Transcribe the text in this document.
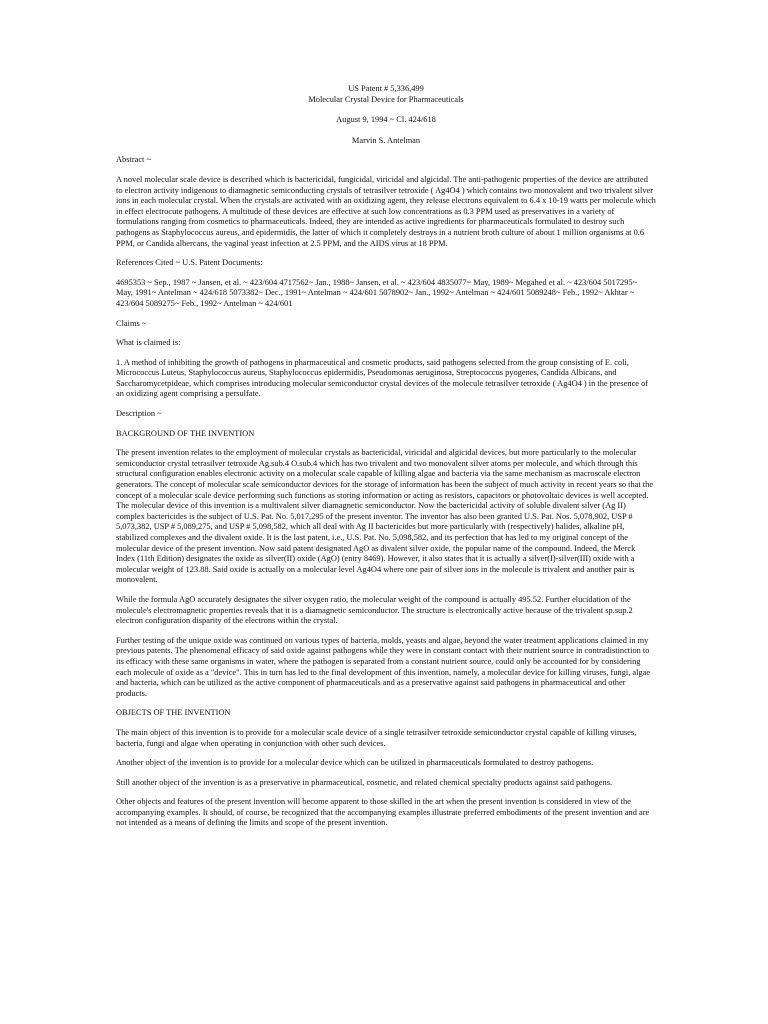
US Patent # 5,336,499
Molecular Crystal Device for Pharmaceuticals
August 9, 1994 ~ Cl. 424/618
Marvin S. Antelman

Abstract ~

A novel molecular scale device is described which is bactericidal, fungicidal, viricidal and algicidal. The anti-pathogenic properties of the device are attributed to electron activity indigenous to diamagnetic semiconducting crystals of tetrasilver tetroxide ( Ag4O4 ) which contains two monovalent and two trivalent silver ions in each molecular crystal. When the crystals are activated with an oxidizing agent, they release electrons equivalent to 6.4 x 10-19 watts per molecule which in effect electrocute pathogens. A multitude of these devices are effective at such low concentrations as 0.3 PPM used as preservatives in a variety of formulations ranging from cosmetics to pharmaceuticals. Indeed, they are intended as active ingredients for pharmaceuticals formulated to destroy such pathogens as Staphylococcus aureus, and epidermidis, the latter of which it completely destroys in a nutrient broth culture of about 1 million organisms at 0.6 PPM, or Candida albercans, the vaginal yeast infection at 2.5 PPM, and the AIDS virus at 18 PPM.

References Cited ~ U.S. Patent Documents:

4695353 ~ Sep., 1987 ~ Jansen, et al. ~ 423/604 4717562~ Jan., 1988~ Jansen, et al. ~ 423/604 4835077~ May, 1989~ Megahed et al. ~ 423/604 5017295~ May, 1991~ Antelman ~ 424/618 5073382~ Dec., 1991~ Antelman ~ 424/601 5078902~ Jan., 1992~ Antelman ~ 424/601 5089248~ Feb., 1992~ Akhtar ~ 423/604 5089275~ Feb., 1992~ Antelman ~ 424/601

Claims ~

What is claimed is:

1. A method of inhibiting the growth of pathogens in pharmaceutical and cosmetic products, said pathogens selected from the group consisting of E. coli, Micrococcus Luteus, Staphylococcus aureus, Staphylococcus epidermidis, Pseudomonas aeruginosa, Streptococcus pyogenes, Candida Albicans, and Saccharomycetpideae, which comprises introducing molecular semiconductor crystal devices of the molecule tetrasilver tetroxide ( Ag4O4 ) in the presence of an oxidizing agent comprising a persulfate.

Description ~

BACKGROUND OF THE INVENTION

The present invention relates to the employment of molecular crystals as bactericidal, viricidal and algicidal devices, but more particularly to the molecular semiconductor crystal tetrasilver tetroxide Ag.sub.4 O.sub.4 which has two trivalent and two monovalent silver atoms per molecule, and which through this structural configuration enables electronic activity on a molecular scale capable of killing algae and bacteria via the same mechanism as macroscale electron generators. The concept of molecular scale semiconductor devices for the storage of information has been the subject of much activity in recent years so that the concept of a molecular scale device performing such functions as storing information or acting as resistors, capacitors or photovoltaic devices is well accepted. The molecular device of this invention is a multivalent silver diamagnetic semiconductor. Now the bactericidal activity of soluble divalent silver (Ag II) complex bactericides is the subject of U.S. Pat. No. 5,017,295 of the present inventor. The inventor has also been granted U.S. Pat. Nos. 5,078,902, USP # 5,073,382, USP # 5,089,275, and USP # 5,098,582, which all deal with Ag II bactericides but more particularly with (respectively) halides, alkaline pH, stabilized complexes and the divalent oxide. It is the last patent, i.e., U.S. Pat. No. 5,098,582, and its perfection that has led to my original concept of the molecular device of the present invention. Now said patent designated AgO as divalent silver oxide, the popular name of the compound. Indeed, the Merck Index (11th Edition) designates the oxide as silver(II) oxide (AgO) (entry 8469). However, it also states that it is actually a silver(I)-silver(III) oxide with a molecular weight of 123.88. Said oxide is actually on a molecular level Ag4O4 where one pair of silver ions in the molecule is trivalent and another pair is monovalent.

While the formula AgO accurately designates the silver oxygen ratio, the molecular weight of the compound is actually 495.52. Further elucidation of the molecule's electromagnetic properties reveals that it is a diamagnetic semiconductor. The structure is electronically active because of the trivalent sp.sup.2 electron configuration disparity of the electrons within the crystal.

Further testing of the unique oxide was continued on various types of bacteria, molds, yeasts and algae, beyond the water treatment applications claimed in my previous patents. The phenomenal efficacy of said oxide against pathogens while they were in constant contact with their nutrient source in contradistinction to its efficacy with these same organisms in water, where the pathogen is separated from a constant nutrient source, could only be accounted for by considering each molecule of oxide as a "device". This in turn has led to the final development of this invention, namely, a molecular device for killing viruses, fungi, algae and bacteria, which can be utilized as the active component of pharmaceuticals and as a preservative against said pathogens in pharmaceutical and other products.

OBJECTS OF THE INVENTION

The main object of this invention is to provide for a molecular scale device of a single tetrasilver tetroxide semiconductor crystal capable of killing viruses, bacteria, fungi and algae when operating in conjunction with other such devices.

Another object of the invention is to provide for a molecular device which can be utilized in pharmaceuticals formulated to destroy pathogens.

Still another object of the invention is as a preservative in pharmaceutical, cosmetic, and related chemical specialty products against said pathogens.

Other objects and features of the present invention will become apparent to those skilled in the art when the present invention is considered in view of the accompanying examples. It should, of course, be recognized that the accompanying examples illustrate preferred embodiments of the present invention and are not intended as a means of defining the limits and scope of the present invention.
